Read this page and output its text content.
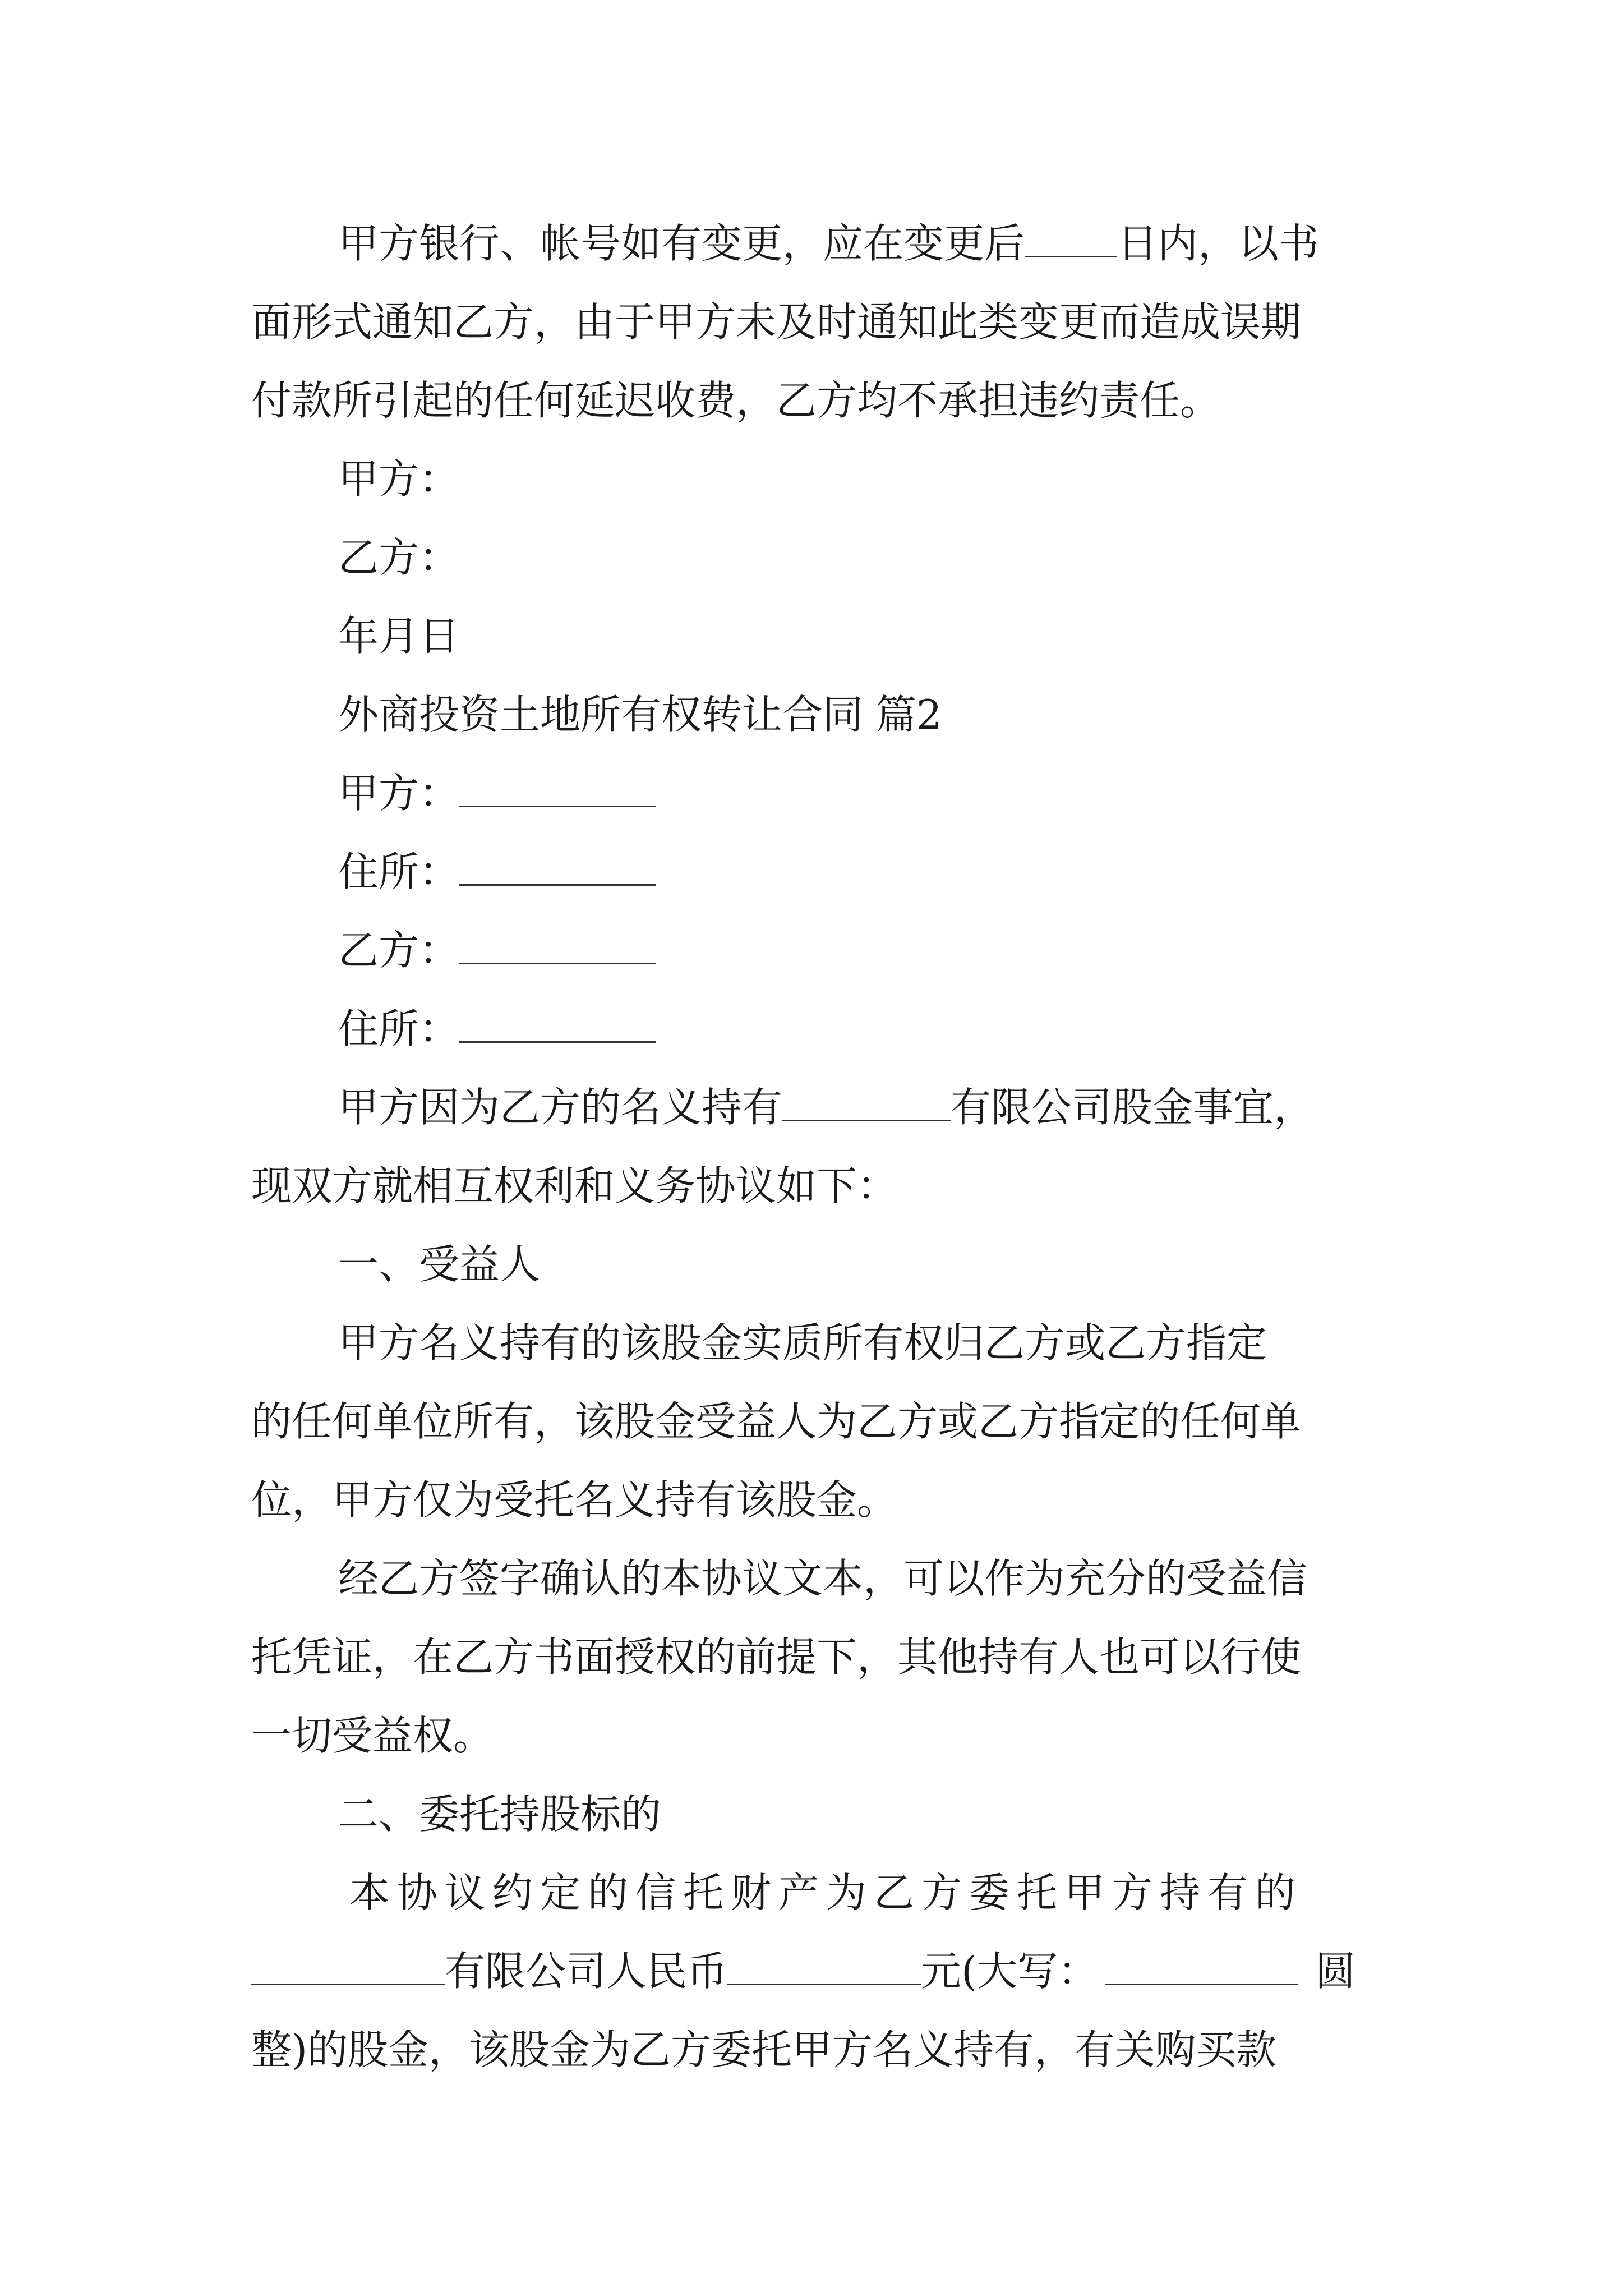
甲方银行、帐号如有变更，应在变更后 日内，以书
面形式通知乙方，由于甲方未及时通知此类变更而造成误期
付款所引起的任何延迟收费，乙方均不承担违约责任。
甲方：
乙方：
年月日
外商投资土地所有权转让合同 篇2
甲方：
住所：
乙方：
住所：
甲方因为乙方的名义持有	有限公司股金事宜，
现双方就相互权利和义务协议如下：
一、受益人
甲方名义持有的该股金实质所有权归乙方或乙方指定
的任何单位所有，该股金受益人为乙方或乙方指定的任何单
位，甲方仅为受托名义持有该股金。
经乙方签字确认的本协议文本，可以作为充分的受益信
托凭证，在乙方书面授权的前提下，其他持有人也可以行使
一切受益权。
二、委托持股标的
本协议约定的信托财产为乙方委托甲方持有的
有限公司人民币	元(大写：	圆
整)的股金，该股金为乙方委托甲方名义持有，有关购买款
